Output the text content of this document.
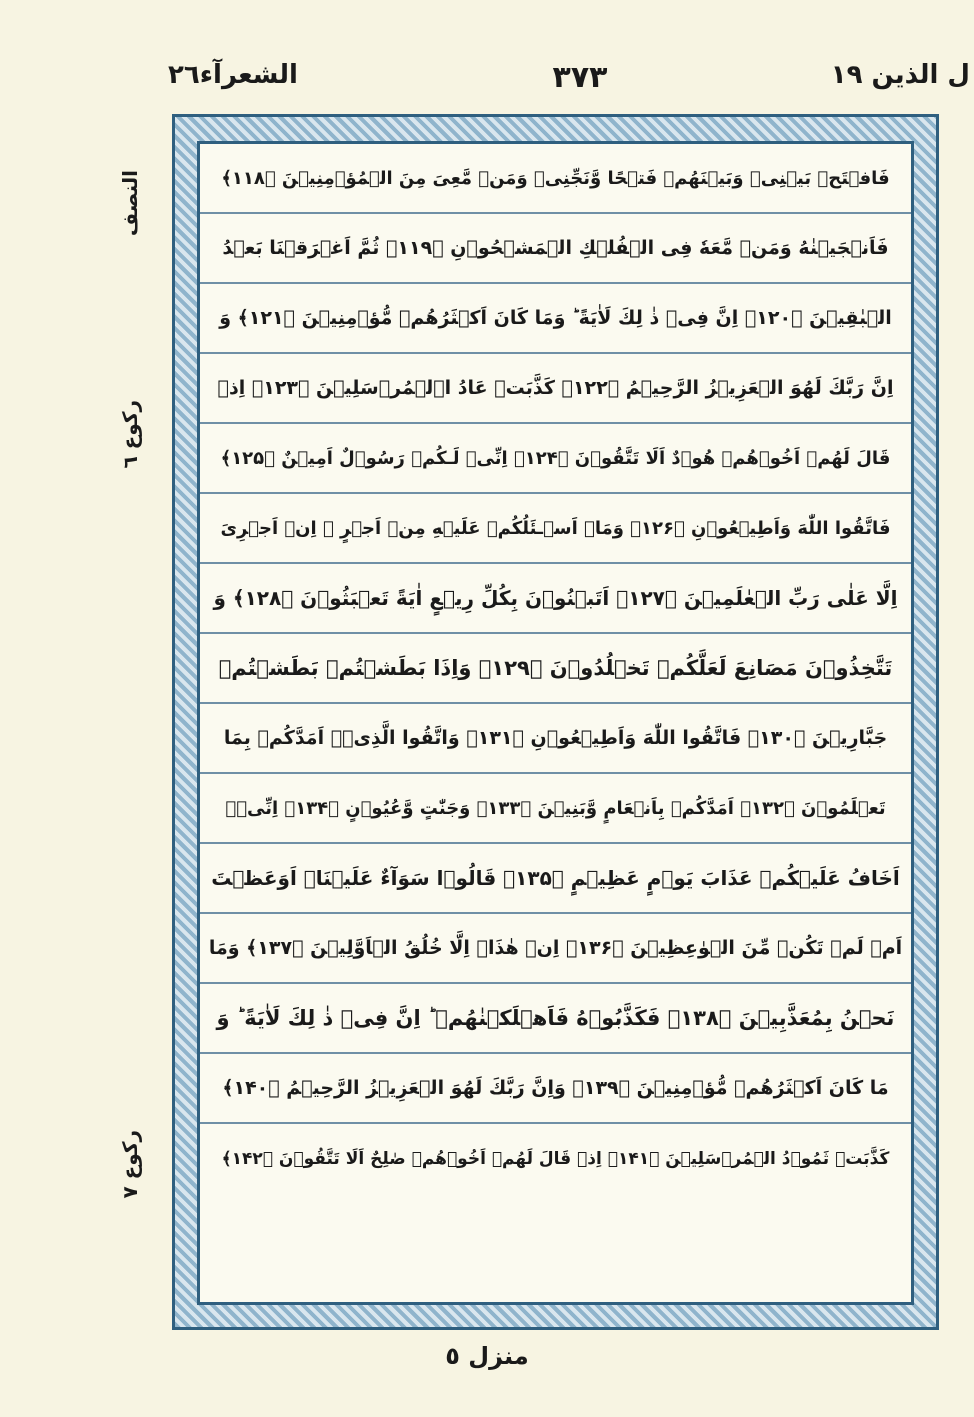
الشعرآء٢٦	٣٧٣	ل الذين ١٩
النصف
ركوع ٦
ركوع ٧
فَافۡتَحۡ بَيۡنِىۡ وَبَيۡنَهُمۡ فَتۡحًا وَّنَجِّنِىۡ وَمَنۡ مَّعِىَ مِنَ الۡمُؤۡمِنِيۡنَ ﴿۱۱۸﴾
فَاَنۡجَيۡنٰهُ وَمَنۡ مَّعَهٗ فِى الۡفُلۡكِ الۡمَشۡحُوۡنِ ﴿۱۱۹﴾ ثُمَّ اَغۡرَقۡنَا بَعۡدُ
الۡبٰقِيۡنَ ﴿۱۲۰﴾ اِنَّ فِىۡ ذٰ لِكَ لَاٰيَةً ‌ؕ وَمَا كَانَ اَكۡثَرُهُمۡ مُّؤۡمِنِيۡنَ ﴿۱۲۱﴾ وَ
اِنَّ رَبَّكَ لَهُوَ الۡعَزِيۡزُ الرَّحِيۡمُ ﴿۱۲۲﴾ كَذَّبَتۡ عَادُ اۨلۡمُرۡسَلِيۡنَ ﴿۱۲۳﴾ اِذۡ
قَالَ لَهُمۡ اَخُوۡهُمۡ هُوۡدٌ اَلَا تَتَّقُوۡنَ ﴿۱۲۴﴾ اِنِّىۡ لَـكُمۡ رَسُوۡلٌ اَمِيۡنٌ ﴿۱۲۵﴾
فَاتَّقُوا اللّٰهَ وَاَطِيۡعُوۡنِ ﴿۱۲۶﴾ وَمَاۤ اَسۡـئَلُكُمۡ عَلَيۡهِ مِنۡ اَجۡرٍ‌ ۚ اِنۡ اَجۡرِىَ
اِلَّا عَلٰى رَبِّ الۡعٰلَمِيۡنَ ﴿۱۲۷﴾ اَتَبۡنُوۡنَ بِكُلِّ رِيۡعٍ اٰيَةً تَعۡبَثُوۡنَ ﴿۱۲۸﴾ وَ
تَتَّخِذُوۡنَ مَصَانِعَ لَعَلَّكُمۡ تَخۡلُدُوۡنَ ﴿۱۲۹﴾ وَاِذَا بَطَشۡتُمۡ بَطَشۡتُمۡ
جَبَّارِيۡنَ ﴿۱۳۰﴾ فَاتَّقُوا اللّٰهَ وَاَطِيۡعُوۡنِ ﴿۱۳۱﴾ وَاتَّقُوا الَّذِىۡۤ اَمَدَّكُمۡ بِمَا
تَعۡلَمُوۡنَ ﴿۱۳۲﴾ اَمَدَّكُمۡ بِاَنۡعَامٍ وَّبَنِيۡنَ ﴿۱۳۳﴾ وَجَنّٰتٍ وَّعُيُوۡنٍ ﴿۱۳۴﴾ اِنِّىۡۤ
اَخَافُ عَلَيۡكُمۡ عَذَابَ يَوۡمٍ عَظِيۡمٍ ﴿۱۳۵﴾ قَالُوۡا سَوَآءٌ عَلَيۡنَاۤ اَوَعَظۡتَ
اَمۡ لَمۡ تَكُنۡ مِّنَ الۡوٰعِظِيۡنَ ﴿۱۳۶﴾ اِنۡ هٰذَاۤ اِلَّا خُلُقُ الۡاَوَّلِيۡنَ ﴿۱۳۷﴾ وَمَا
نَحۡنُ بِمُعَذَّبِيۡنَ ﴿۱۳۸﴾ فَكَذَّبُوۡهُ فَاَهۡلَكۡنٰهُمۡ‌ ؕ اِنَّ فِىۡ ذٰ لِكَ لَاٰيَةً‌ ؕ وَ
مَا كَانَ اَكۡثَرُهُمۡ مُّؤۡمِنِيۡنَ ﴿۱۳۹﴾ وَاِنَّ رَبَّكَ لَهُوَ الۡعَزِيۡزُ الرَّحِيۡمُ ﴿۱۴۰﴾
كَذَّبَتۡ ثَمُوۡدُ الۡمُرۡسَلِيۡنَ ﴿۱۴۱﴾ اِذۡ قَالَ لَهُمۡ اَخُوۡهُمۡ صٰلِحٌ اَلَا تَتَّقُوۡنَ ﴿۱۴۲﴾
منزل ٥
